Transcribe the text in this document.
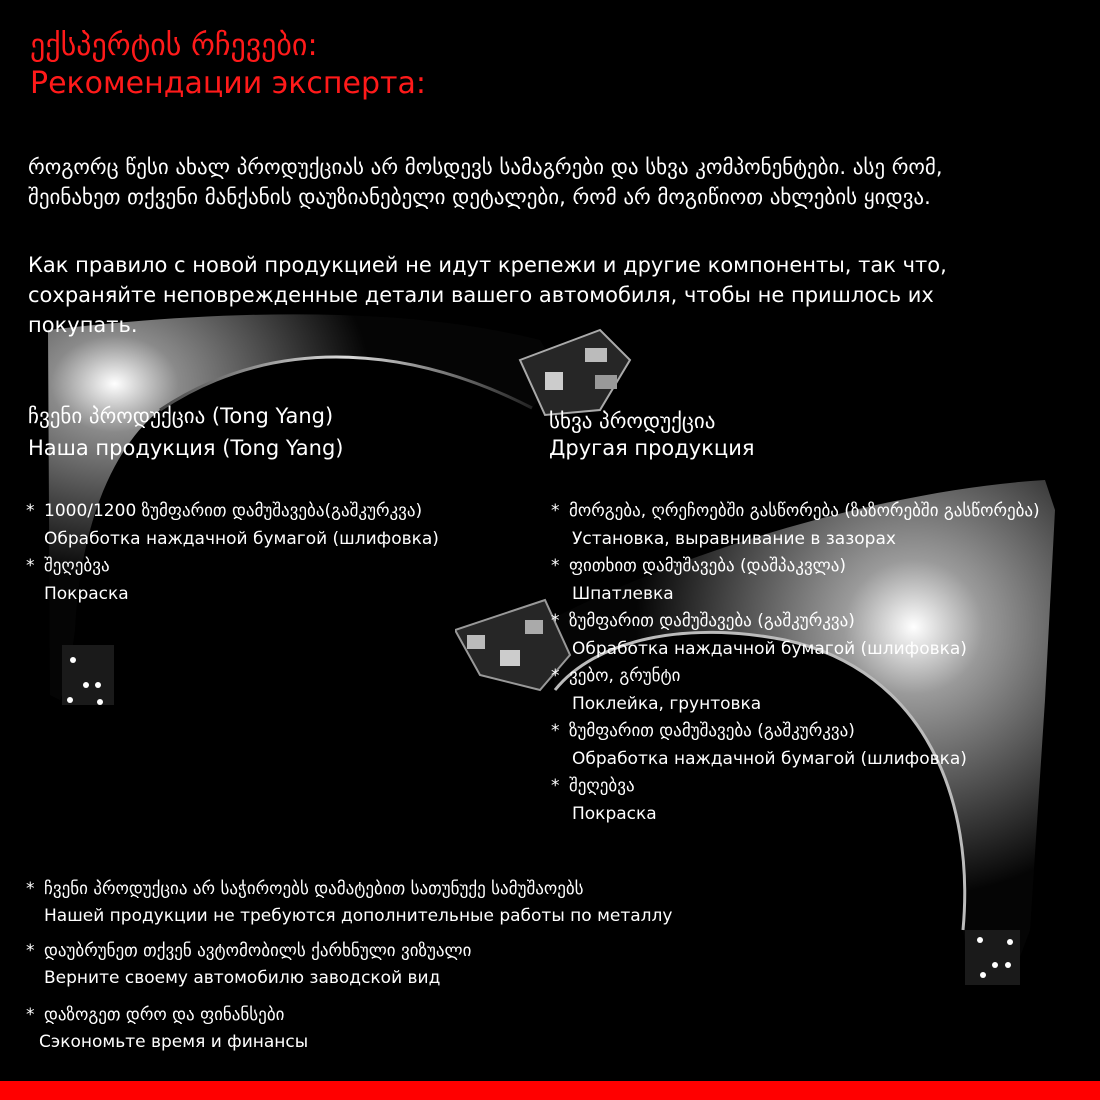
ექსპერტის რჩევები:
Рекомендации эксперта:
როგორც წესი ახალ პროდუქციას არ მოსდევს სამაგრები და სხვა კომპონენტები. ასე რომ, შეინახეთ თქვენი მანქანის დაუზიანებელი დეტალები, რომ არ მოგიწიოთ ახლების ყიდვა.
Как правило с новой продукцией не идут крепежи и другие компоненты, так что, сохраняйте неповрежденные детали вашего автомобиля, чтобы не пришлось их покупать.
ჩვენი პროდუქცია (Tong Yang)
Наша продукция (Tong Yang)
* 1000/1200 ზუმფარით დამუშავება(გაშკურკვა)
Обработка наждачной бумагой (шлифовка)
* შეღებვა
Покраска
სხვა პროდუქცია
Другая продукция
* მორგება, ღრეჩოებში გასწორება (ზაზორებში გასწორება)
Установка, выравнивание в зазорах
* ფითხით დამუშავება (დაშპაკვლა)
Шпатлевка
* ზუმფარით დამუშავება (გაშკურკვა)
Обработка наждачной бумагой (шлифовка)
* ვებო, გრუნტი
Поклейка, грунтовка
* ზუმფარით დამუშავება (გაშკურკვა)
Обработка наждачной бумагой (шлифовка)
* შეღებვა
Покраска
* ჩვენი პროდუქცია არ საჭიროებს დამატებით სათუნუქე სამუშაოებს
Нашей продукции не требуются дополнительные работы по металлу
* დაუბრუნეთ თქვენ ავტომობილს ქარხნული ვიზუალი
Верните своему автомобилю заводской вид
* დაზოგეთ დრო და ფინანსები
Сэкономьте время и финансы
